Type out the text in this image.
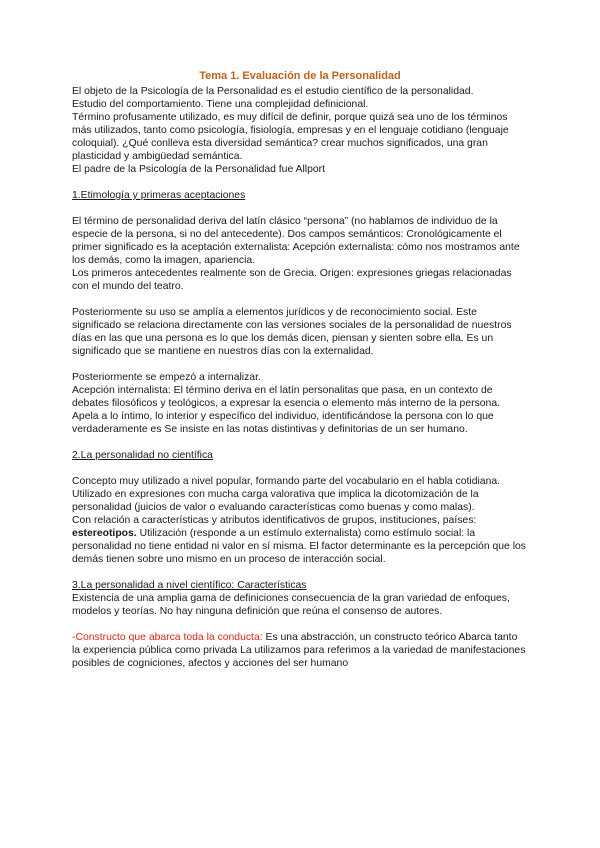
Tema 1. Evaluación de la Personalidad

El objeto de la Psicología de la Personalidad es el estudio científico de la personalidad.

Estudio del comportamiento. Tiene una complejidad definicional.

Término profusamente utilizado, es muy difícil de definir, porque quizá sea uno de los términos más utilizados, tanto como psicología, fisiología, empresas y en el lenguaje cotidiano (lenguaje coloquial). ¿Qué conlleva esta diversidad semántica? crear muchos significados, una gran plasticidad y ambigüedad semántica.

El padre de la Psicología de la Personalidad fue Allport

1.Etimología y primeras aceptaciones

El término de personalidad deriva del latín clásico “persona” (no hablamos de individuo de la especie de la persona, si no del antecedente). Dos campos semánticos: Cronológicamente el primer significado es la aceptación externalista: Acepción externalista: cómo nos mostramos ante los demás, como la imagen, apariencia.

Los primeros antecedentes realmente son de Grecia. Origen: expresiones griegas relacionadas con el mundo del teatro.

Posteriormente su uso se amplía a elementos jurídicos y de reconocimiento social. Este significado se relaciona directamente con las versiones sociales de la personalidad de nuestros días en las que una persona es lo que los demás dicen, piensan y sienten sobre ella. Es un significado que se mantiene en nuestros días con la externalidad.

Posteriormente se empezó a internalizar.

Acepción internalista: El término deriva en el latín personalitas que pasa, en un contexto de debates filosóficos y teológicos, a expresar la esencia o elemento más interno de la persona. Apela a lo íntimo, lo interior y específico del individuo, identificándose la persona con lo que verdaderamente es Se insiste en las notas distintivas y definitorias de un ser humano.

2.La personalidad no científica

Concepto muy utilizado a nivel popular, formando parte del vocabulario en el habla cotidiana. Utilizado en expresiones con mucha carga valorativa que implica la dicotomización de la personalidad (juicios de valor o evaluando características como buenas y como malas).

Con relación a características y atributos identificativos de grupos, instituciones, países: estereotipos. Utilización (responde a un estímulo externalista) como estímulo social: la personalidad no tiene entidad ni valor en sí misma. El factor determinante es la percepción que los demás tienen sobre uno mismo en un proceso de interacción social.

3.La personalidad a nivel científico: Características

Existencia de una amplia gama de definiciones consecuencia de la gran variedad de enfoques, modelos y teorías. No hay ninguna definición que reúna el consenso de autores.

-Constructo que abarca toda la conducta: Es una abstracción, un constructo teórico Abarca tanto la experiencia pública como privada La utilizamos para referimos a la variedad de manifestaciones posibles de cogniciones, afectos y acciones del ser humano
